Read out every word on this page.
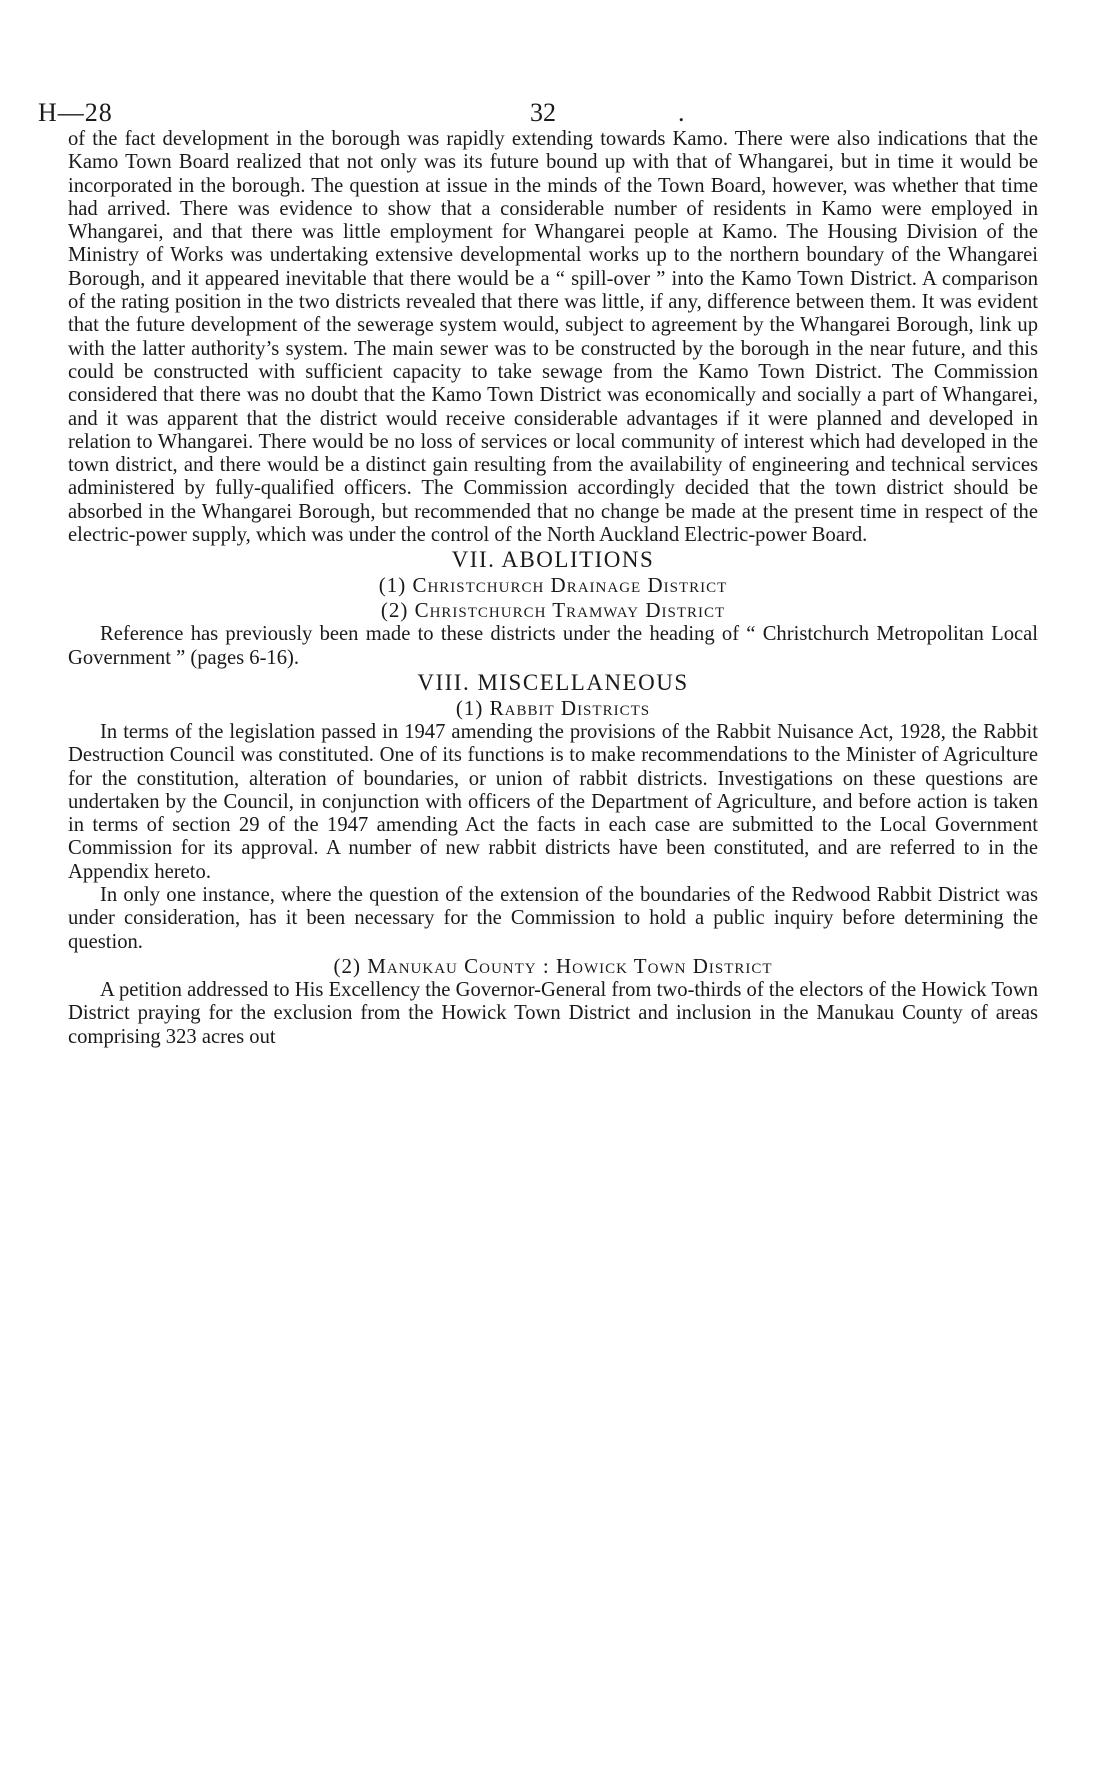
H—28	32	.

of the fact development in the borough was rapidly extending towards Kamo. There were also indications that the Kamo Town Board realized that not only was its future bound up with that of Whangarei, but in time it would be incorporated in the borough. The question at issue in the minds of the Town Board, however, was whether that time had arrived. There was evidence to show that a considerable number of residents in Kamo were employed in Whangarei, and that there was little employment for Whangarei people at Kamo. The Housing Division of the Ministry of Works was undertaking extensive developmental works up to the northern boundary of the Whangarei Borough, and it appeared inevitable that there would be a “ spill-over ” into the Kamo Town District. A comparison of the rating position in the two districts revealed that there was little, if any, difference between them. It was evident that the future development of the sewerage system would, subject to agreement by the Whangarei Borough, link up with the latter authority’s system. The main sewer was to be constructed by the borough in the near future, and this could be constructed with sufficient capacity to take sewage from the Kamo Town District. The Commission considered that there was no doubt that the Kamo Town District was economically and socially a part of Whangarei, and it was apparent that the district would receive considerable advantages if it were planned and developed in relation to Whangarei. There would be no loss of services or local community of interest which had developed in the town district, and there would be a distinct gain resulting from the availability of engineering and technical services administered by fully-qualified officers. The Commission accordingly decided that the town district should be absorbed in the Whangarei Borough, but recommended that no change be made at the present time in respect of the electric-power supply, which was under the control of the North Auckland Electric-power Board.

VII. ABOLITIONS
(1) Christchurch Drainage District
(2) Christchurch Tramway District

Reference has previously been made to these districts under the heading of “ Christchurch Metropolitan Local Government ” (pages 6-16).

VIII. MISCELLANEOUS
(1) Rabbit Districts

In terms of the legislation passed in 1947 amending the provisions of the Rabbit Nuisance Act, 1928, the Rabbit Destruction Council was constituted. One of its functions is to make recommendations to the Minister of Agriculture for the constitution, alteration of boundaries, or union of rabbit districts. Investigations on these questions are undertaken by the Council, in conjunction with officers of the Department of Agriculture, and before action is taken in terms of section 29 of the 1947 amending Act the facts in each case are submitted to the Local Government Commission for its approval. A number of new rabbit districts have been constituted, and are referred to in the Appendix hereto.

In only one instance, where the question of the extension of the boundaries of the Redwood Rabbit District was under consideration, has it been necessary for the Commission to hold a public inquiry before determining the question.

(2) Manukau County : Howick Town District

A petition addressed to His Excellency the Governor-General from two-thirds of the electors of the Howick Town District praying for the exclusion from the Howick Town District and inclusion in the Manukau County of areas comprising 323 acres out
